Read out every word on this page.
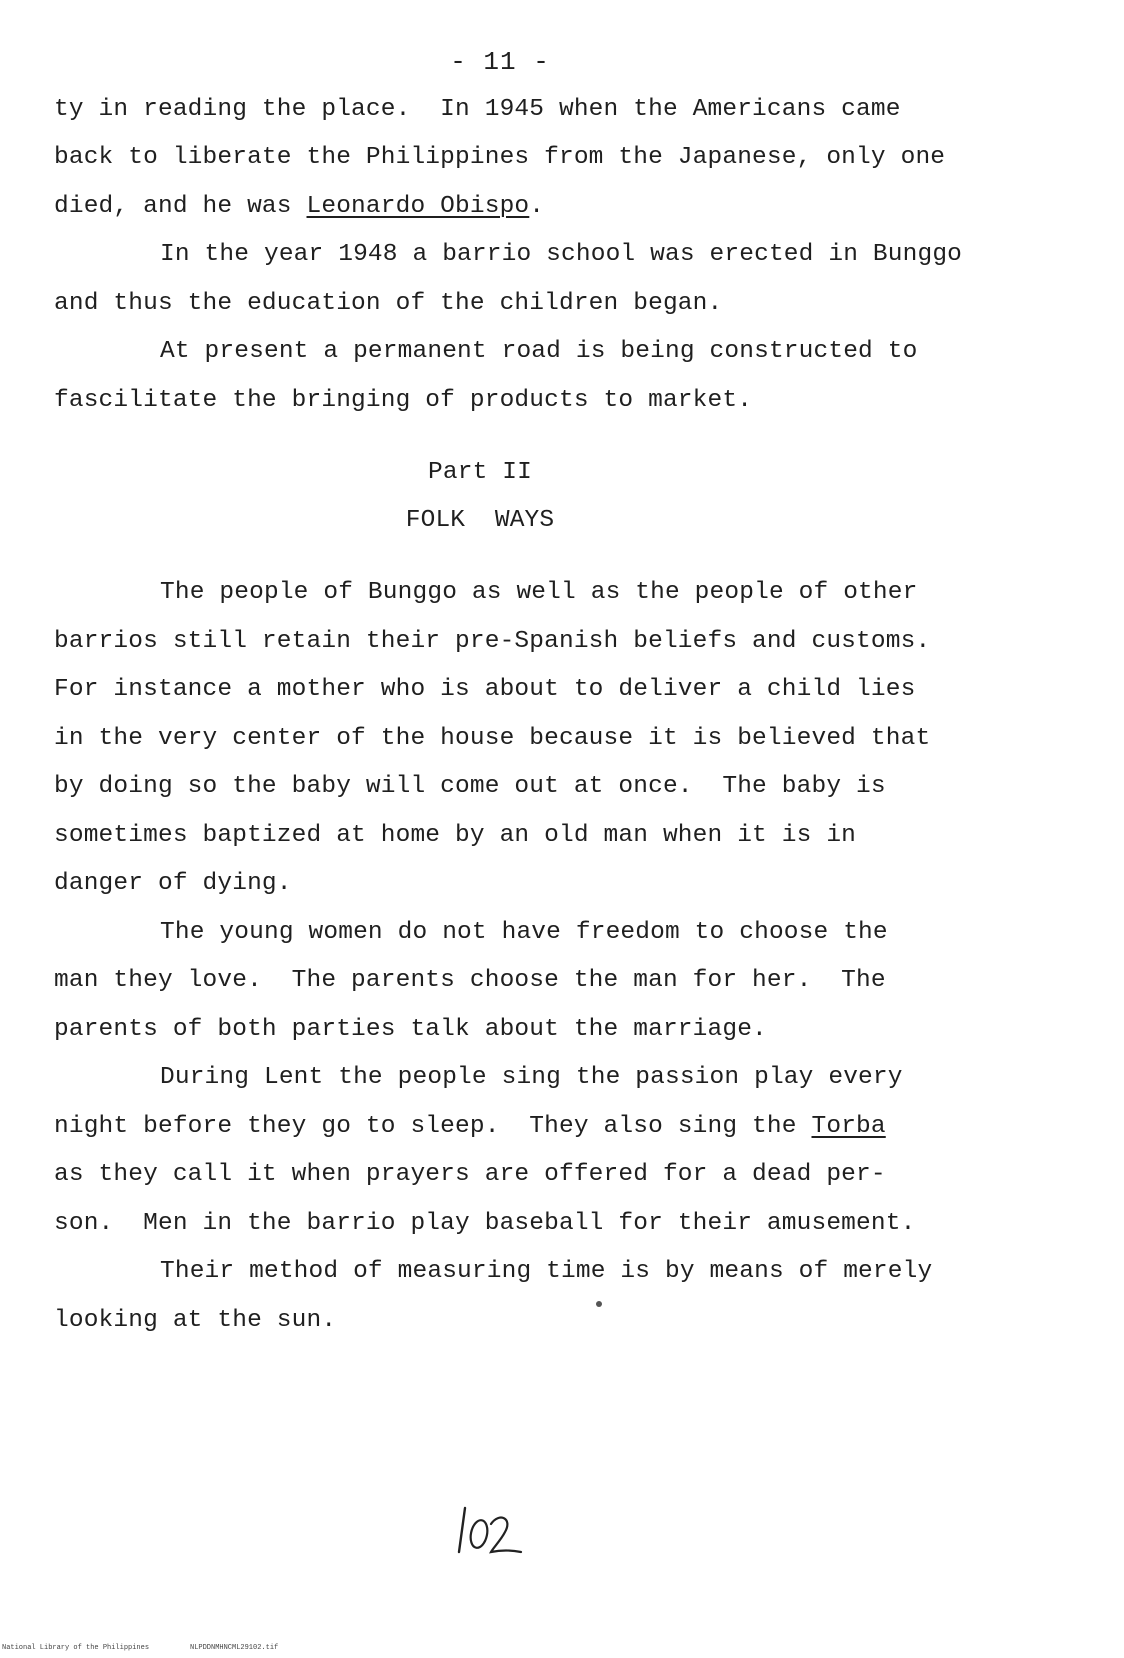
- 11 -
ty in reading the place.  In 1945 when the Americans came
back to liberate the Philippines from the Japanese, only one
died, and he was Leonardo Obispo.
In the year 1948 a barrio school was erected in Bunggo
and thus the education of the children began.
At present a permanent road is being constructed to
fascilitate the bringing of products to market.
Part II
FOLK  WAYS
The people of Bunggo as well as the people of other
barrios still retain their pre-Spanish beliefs and customs.
For instance a mother who is about to deliver a child lies
in the very center of the house because it is believed that
by doing so the baby will come out at once.  The baby is
sometimes baptized at home by an old man when it is in
danger of dying.
The young women do not have freedom to choose the
man they love.  The parents choose the man for her.  The
parents of both parties talk about the marriage.
During Lent the people sing the passion play every
night before they go to sleep.  They also sing the Torba
as they call it when prayers are offered for a dead per-
son.  Men in the barrio play baseball for their amusement.
Their method of measuring time is by means of merely
looking at the sun.
National Library of the Philippines	NLPDDNMHNCML29102.tif
